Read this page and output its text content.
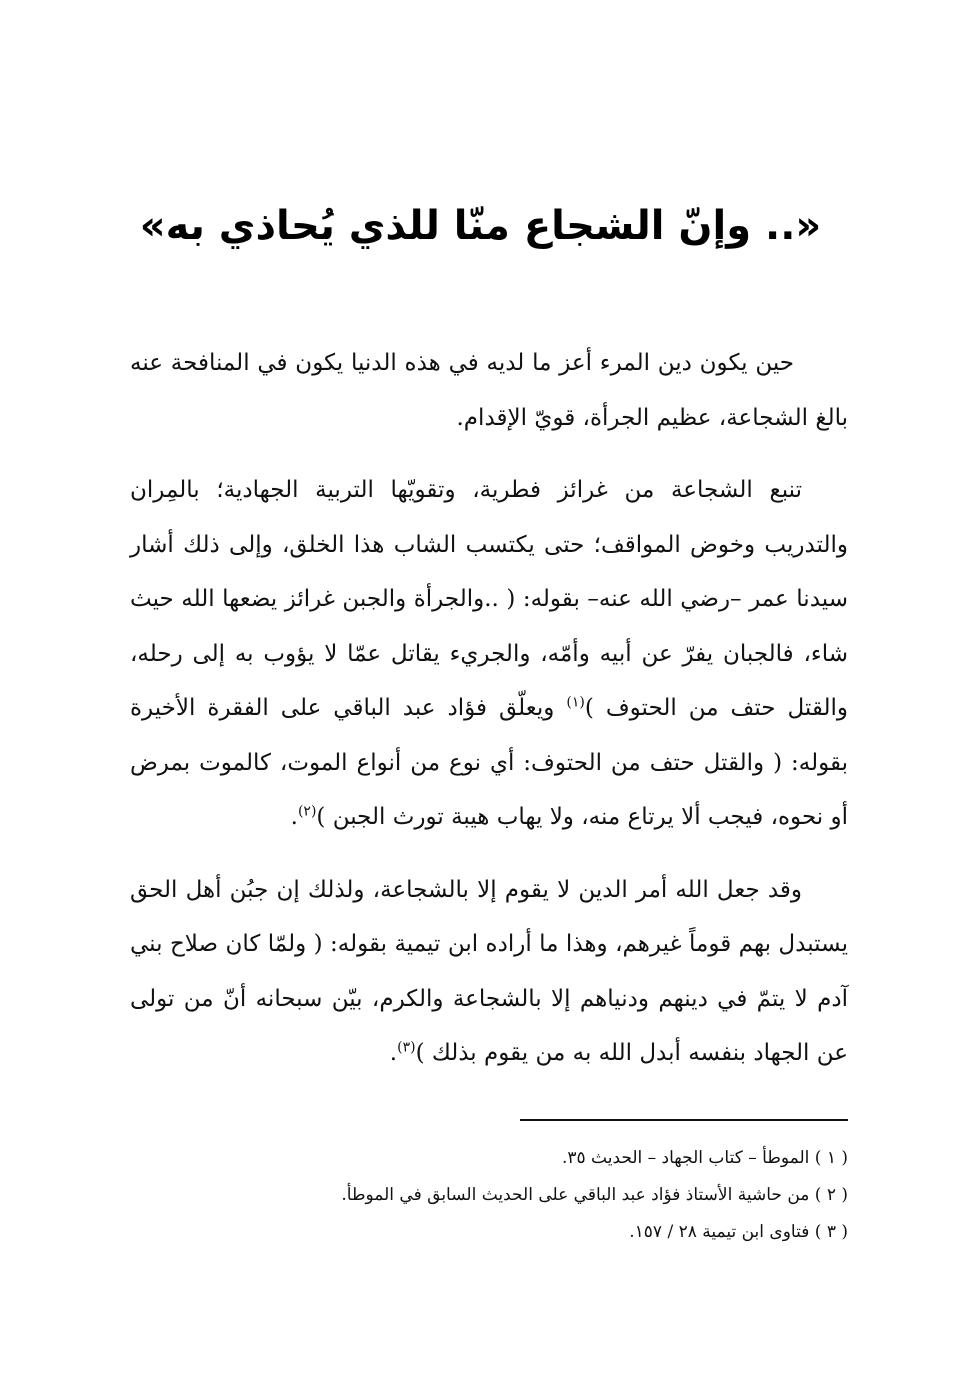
«.. وإنّ الشجاع منّا للذي يُحاذي به»

حين يكون دين المرء أعز ما لديه في هذه الدنيا يكون في المنافحة عنه بالغ الشجاعة، عظيم الجرأة، قويّ الإقدام.

تنبع الشجاعة من غرائز فطرية، وتقويّها التربية الجهادية؛ بالمِران والتدريب وخوض المواقف؛ حتى يكتسب الشاب هذا الخلق، وإلى ذلك أشار سيدنا عمر –رضي الله عنه– بقوله: ( ..والجرأة والجبن غرائز يضعها الله حيث شاء، فالجبان يفرّ عن أبيه وأمّه، والجريء يقاتل عمّا لا يؤوب به إلى رحله، والقتل حتف من الحتوف )$^{(١)}$ ويعلّق فؤاد عبد الباقي على الفقرة الأخيرة بقوله: ( والقتل حتف من الحتوف: أي نوع من أنواع الموت، كالموت بمرض أو نحوه، فيجب ألا يرتاع منه، ولا يهاب هيبة تورث الجبن )$^{(٢)}$.

وقد جعل الله أمر الدين لا يقوم إلا بالشجاعة، ولذلك إن جبُن أهل الحق يستبدل بهم قوماً غيرهم، وهذا ما أراده ابن تيمية بقوله: ( ولمّا كان صلاح بني آدم لا يتمّ في دينهم ودنياهم إلا بالشجاعة والكرم، بيّن سبحانه أنّ من تولى عن الجهاد بنفسه أبدل الله به من يقوم بذلك )$^{(٣)}$.

( ١ ) الموطأ – كتاب الجهاد – الحديث ٣٥.
( ٢ ) من حاشية الأستاذ فؤاد عبد الباقي على الحديث السابق في الموطأ.
( ٣ ) فتاوى ابن تيمية ٢٨ / ١٥٧.
